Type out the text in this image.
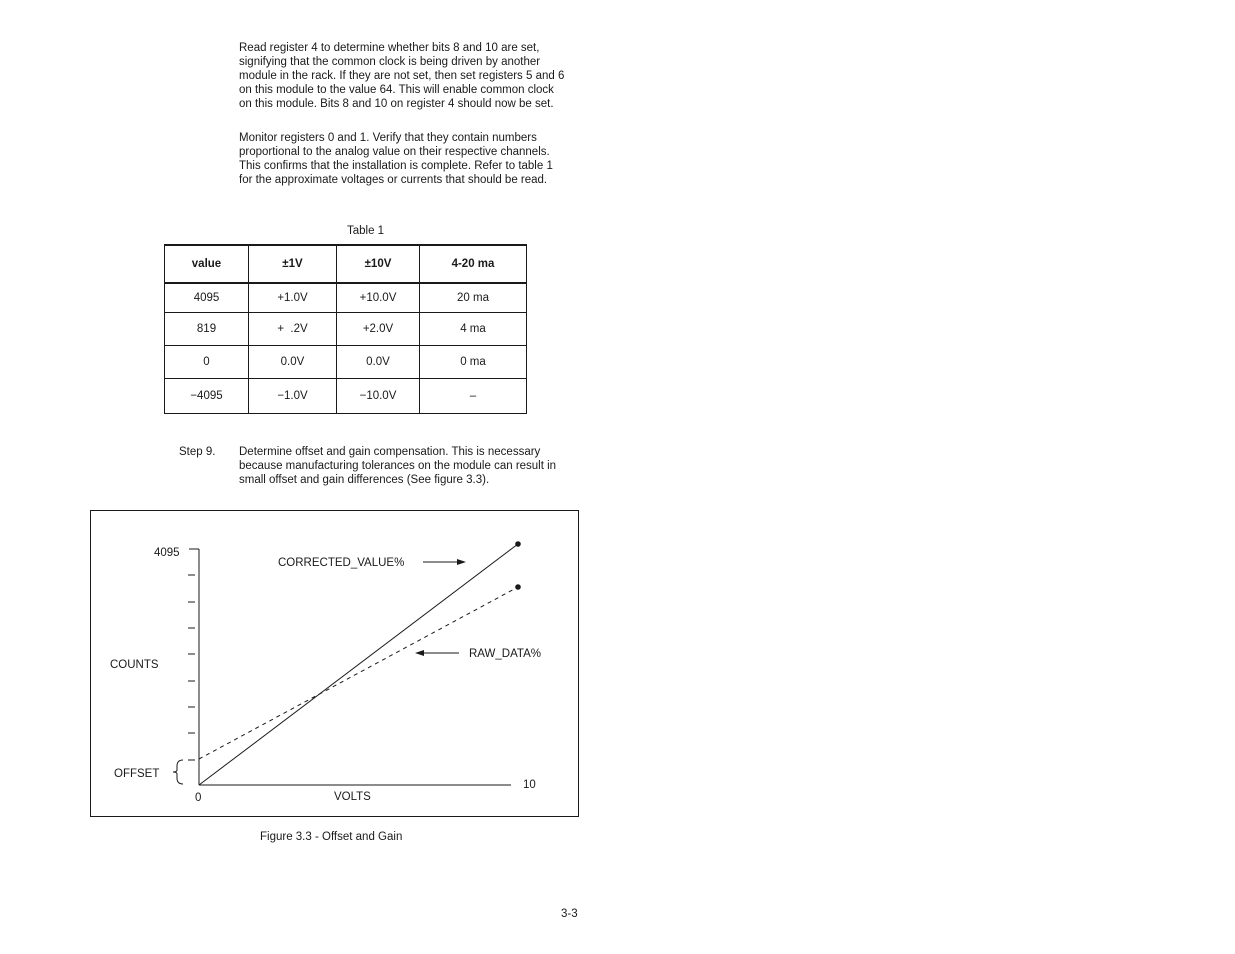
Read register 4 to determine whether bits 8 and 10 are set, signifying that the common clock is being driven by another module in the rack. If they are not set, then set registers 5 and 6 on this module to the value 64. This will enable common clock on this module. Bits 8 and 10 on register 4 should now be set.

Monitor registers 0 and 1. Verify that they contain numbers proportional to the analog value on their respective channels. This confirms that the installation is complete. Refer to table 1 for the approximate voltages or currents that should be read.

Table 1
value	±1V	±10V	4-20 ma
4095	+1.0V	+10.0V	20 ma
819	+  .2V	+2.0V	4 ma
0	0.0V	0.0V	0 ma
−4095	−1.0V	−10.0V	–
Step 9. Determine offset and gain compensation. This is necessary because manufacturing tolerances on the module can result in small offset and gain differences (See figure 3.3).

4095
COUNTS
OFFSET
0	VOLTS
10
CORRECTED_VALUE%
RAW_DATA%
Figure 3.3 - Offset and Gain
3-3
